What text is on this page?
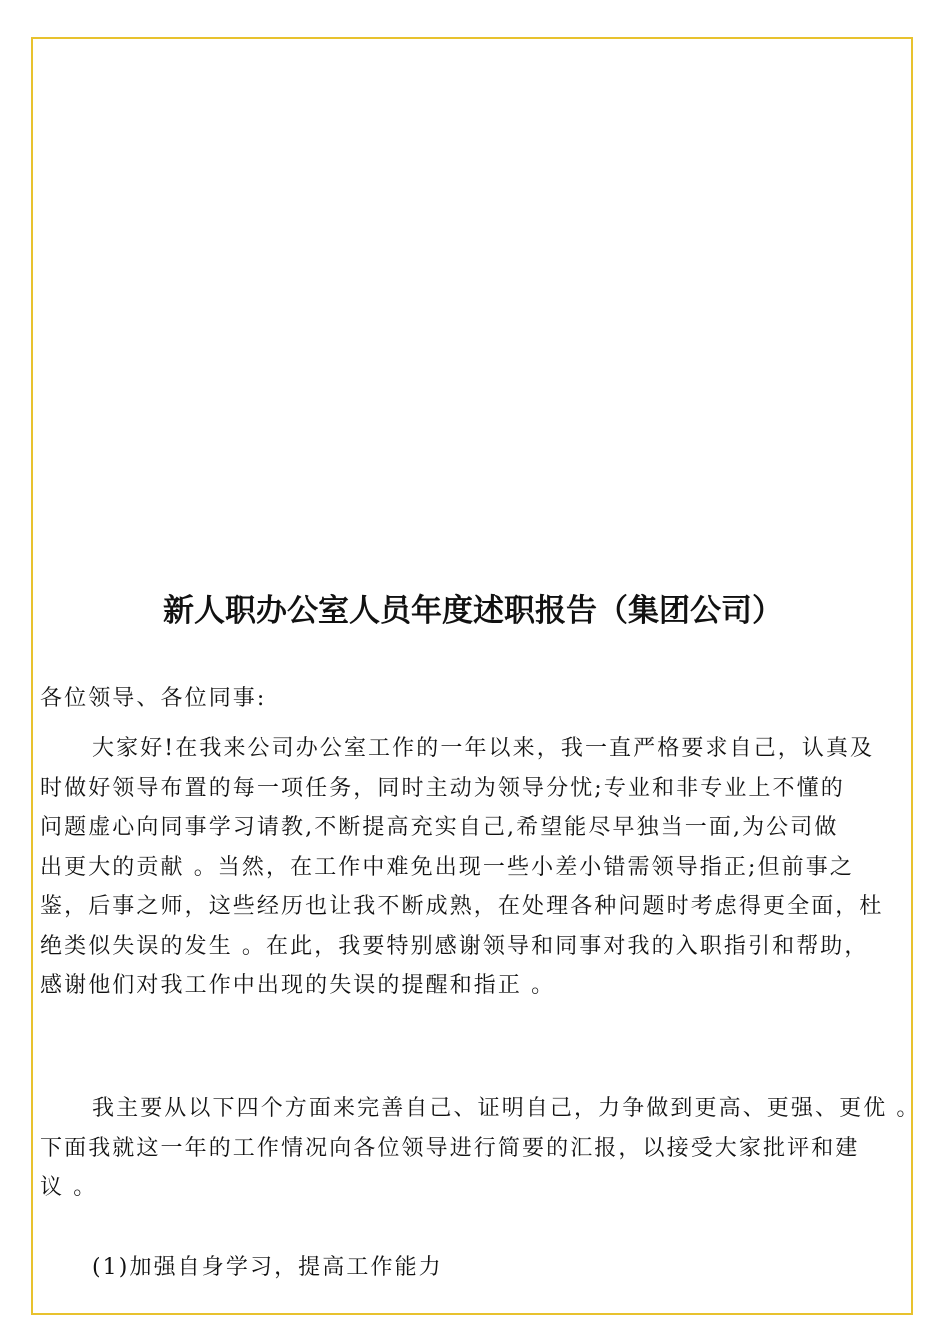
新人职办公室人员年度述职报告（集团公司）
各位领导、各位同事:
大家好!在我来公司办公室工作的一年以来，我一直严格要求自己，认真及
时做好领导布置的每一项任务，同时主动为领导分忧;专业和非专业上不懂的
问题虚心向同事学习请教,不断提高充实自己,希望能尽早独当一面,为公司做
出更大的贡献 。当然，在工作中难免出现一些小差小错需领导指正;但前事之
鉴，后事之师，这些经历也让我不断成熟，在处理各种问题时考虑得更全面，杜
绝类似失误的发生 。在此，我要特别感谢领导和同事对我的入职指引和帮助，
感谢他们对我工作中出现的失误的提醒和指正 。
我主要从以下四个方面来完善自己、证明自己，力争做到更高、更强、更优 。
下面我就这一年的工作情况向各位领导进行简要的汇报，以接受大家批评和建
议 。
(1)加强自身学习，提高工作能力
